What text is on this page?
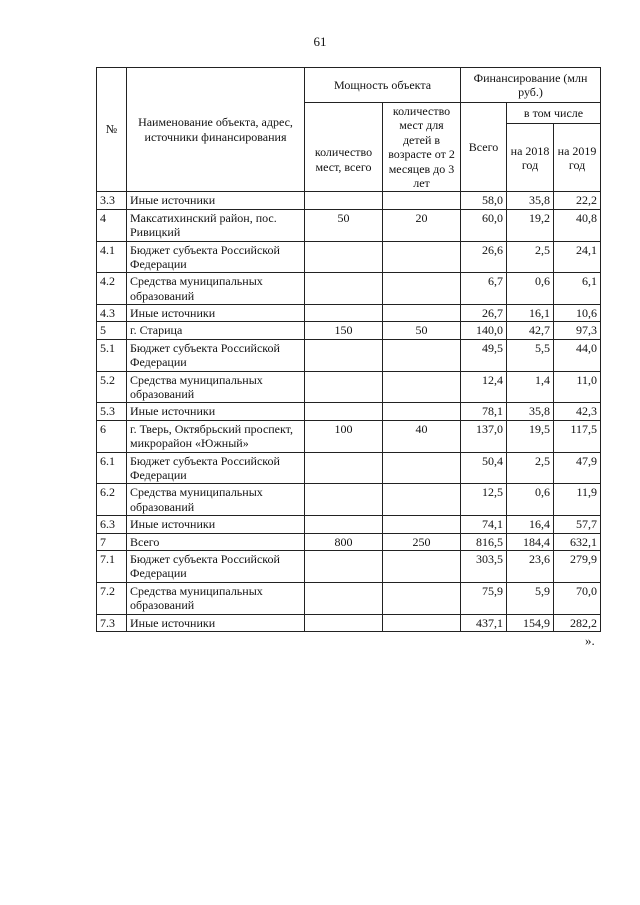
61
№	Наименование объекта, адрес, источники финансирования	Мощность объекта		Финансирование (млн руб.)		
		количество мест, всего	количество мест для детей в возрасте от 2 месяцев до 3 лет	Всего	в том числе	
					на 2018 год	на 2019 год
3.3	Иные источники			58,0	35,8	22,2
4	Максатихинский район, пос. Ривицкий	50	20	60,0	19,2	40,8
4.1	Бюджет субъекта Российской Федерации			26,6	2,5	24,1
4.2	Средства муниципальных образований			6,7	0,6	6,1
4.3	Иные источники			26,7	16,1	10,6
5	г. Старица	150	50	140,0	42,7	97,3
5.1	Бюджет субъекта Российской Федерации			49,5	5,5	44,0
5.2	Средства муниципальных образований			12,4	1,4	11,0
5.3	Иные источники			78,1	35,8	42,3
6	г. Тверь, Октябрьский проспект, микрорайон «Южный»	100	40	137,0	19,5	117,5
6.1	Бюджет субъекта Российской Федерации			50,4	2,5	47,9
6.2	Средства муниципальных образований			12,5	0,6	11,9
6.3	Иные источники			74,1	16,4	57,7
7	Всего	800	250	816,5	184,4	632,1
7.1	Бюджет субъекта Российской Федерации			303,5	23,6	279,9
7.2	Средства муниципальных образований			75,9	5,9	70,0
7.3	Иные источники			437,1	154,9	282,2
».
